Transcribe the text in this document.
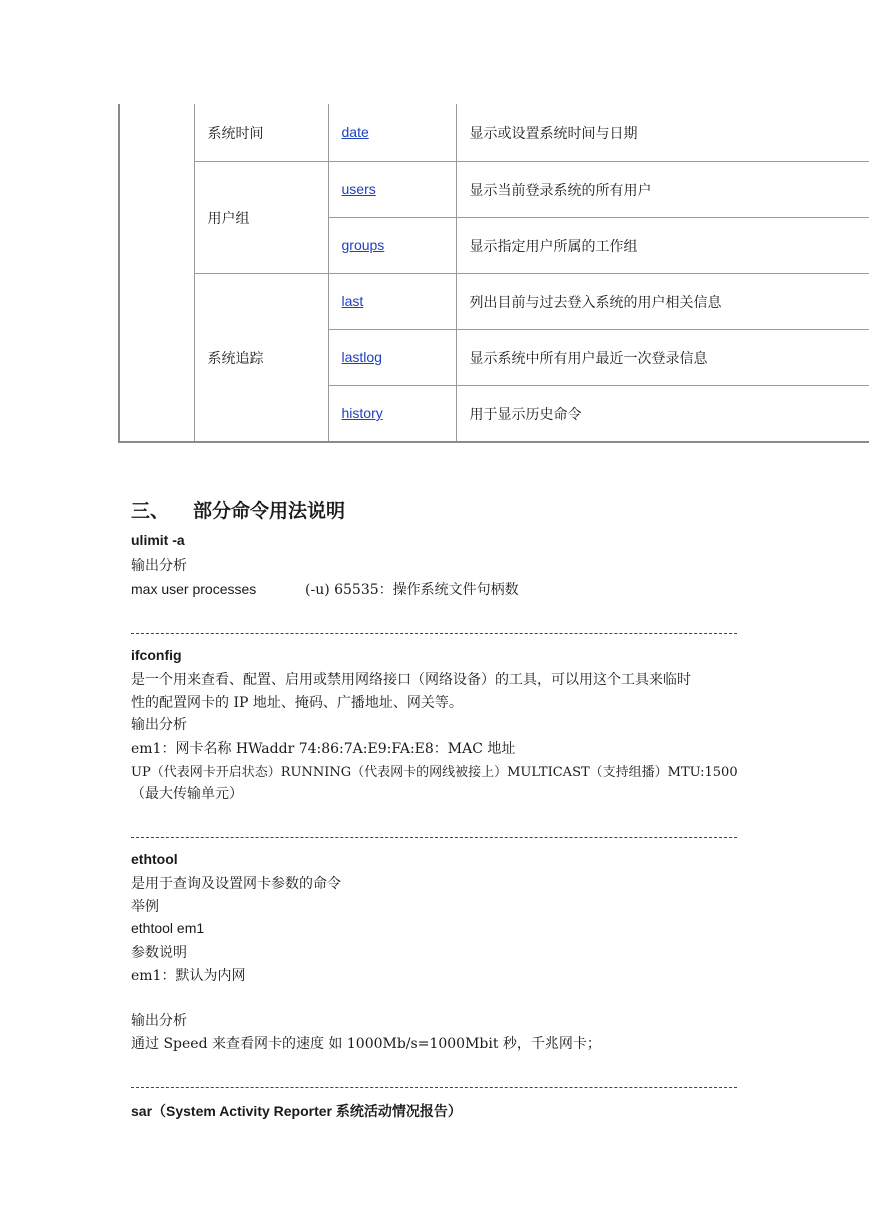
	系统时间	date	显示或设置系统时间与日期
	用户组	users	显示当前登录系统的所有用户
		groups	显示指定用户所属的工作组
	系统追踪	last	列出目前与过去登入系统的用户相关信息
		lastlog	显示系统中所有用户最近一次登录信息
		history	用于显示历史命令
三、 部分命令用法说明
ulimit -a
输出分析
max user processes	(-u) 65535：操作系统文件句柄数
ifconfig
是一个用来查看、配置、启用或禁用网络接口（网络设备）的工具，可以用这个工具来临时
性的配置网卡的 IP 地址、掩码、广播地址、网关等。
输出分析
em1：网卡名称 HWaddr 74:86:7A:E9:FA:E8：MAC 地址
UP（代表网卡开启状态）RUNNING（代表网卡的网线被接上）MULTICAST（支持组播）MTU:1500
（最大传输单元）
ethtool
是用于查询及设置网卡参数的命令
举例
ethtool em1
参数说明
em1：默认为内网
输出分析
通过 Speed 来查看网卡的速度 如 1000Mb/s=1000Mbit 秒，千兆网卡；
sar（System Activity Reporter 系统活动情况报告）
